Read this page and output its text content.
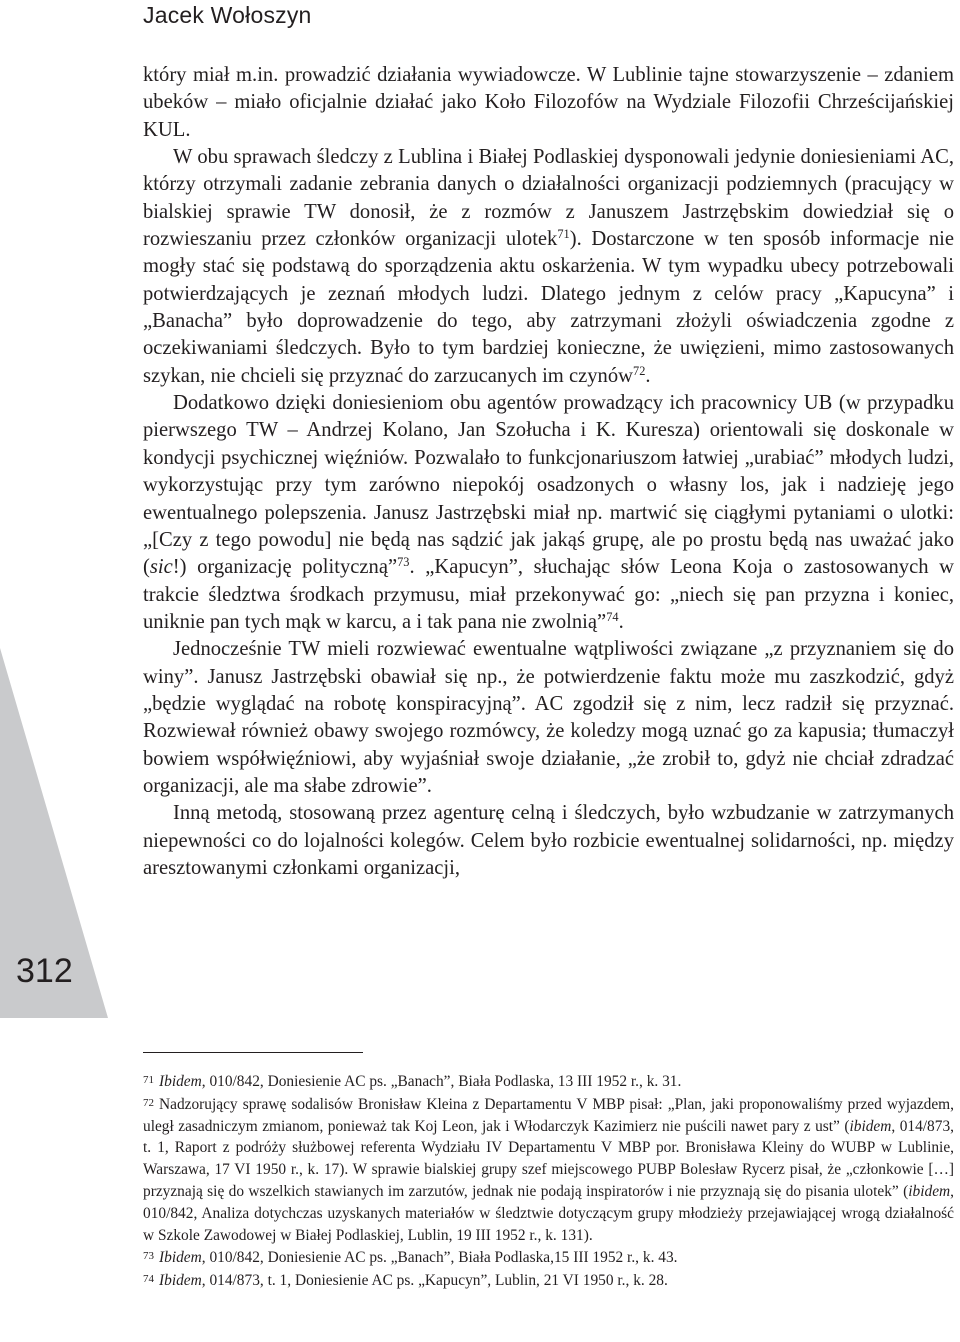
Jacek Wołoszyn
312

który miał m.in. prowadzić działania wywiadowcze. W Lublinie tajne stowarzyszenie – zdaniem ubeków – miało oficjalnie działać jako Koło Filozofów na Wydziale Filozofii Chrześcijańskiej KUL.

W obu sprawach śledczy z Lublina i Białej Podlaskiej dysponowali jedynie doniesieniami AC, którzy otrzymali zadanie zebrania danych o działalności organizacji podziemnych (pracujący w bialskiej sprawie TW donosił, że z rozmów z Januszem Jastrzębskim dowiedział się o rozwieszaniu przez członków organizacji ulotek$^{71}$). Dostarczone w ten sposób informacje nie mogły stać się podstawą do sporządzenia aktu oskarżenia. W tym wypadku ubecy potrzebowali potwierdzających je zeznań młodych ludzi. Dlatego jednym z celów pracy „Kapucyna” i „Banacha” było doprowadzenie do tego, aby zatrzymani złożyli oświadczenia zgodne z oczekiwaniami śledczych. Było to tym bardziej konieczne, że uwięzieni, mimo zastosowanych szykan, nie chcieli się przyznać do zarzucanych im czynów$^{72}$.

Dodatkowo dzięki doniesieniom obu agentów prowadzący ich pracownicy UB (w przypadku pierwszego TW – Andrzej Kolano, Jan Szołucha i K. Kuresza) orientowali się doskonale w kondycji psychicznej więźniów. Pozwalało to funkcjonariuszom łatwiej „urabiać” młodych ludzi, wykorzystując przy tym zarówno niepokój osadzonych o własny los, jak i nadzieję jego ewentualnego polepszenia. Janusz Jastrzębski miał np. martwić się ciągłymi pytaniami o ulotki: „[Czy z tego powodu] nie będą nas sądzić jak jakąś grupę, ale po prostu będą nas uważać jako (sic!) organizację polityczną”$^{73}$. „Kapucyn”, słuchając słów Leona Koja o zastosowanych w trakcie śledztwa środkach przymusu, miał przekonywać go: „niech się pan przyzna i koniec, uniknie pan tych mąk w karcu, a i tak pana nie zwolnią”$^{74}$.

Jednocześnie TW mieli rozwiewać ewentualne wątpliwości związane „z przyznaniem się do winy”. Janusz Jastrzębski obawiał się np., że potwierdzenie faktu może mu zaszkodzić, gdyż „będzie wyglądać na robotę konspiracyjną”. AC zgodził się z nim, lecz radził się przyznać. Rozwiewał również obawy swojego rozmówcy, że koledzy mogą uznać go za kapusia; tłumaczył bowiem współwięźniowi, aby wyjaśniał swoje działanie, „że zrobił to, gdyż nie chciał zdradzać organizacji, ale ma słabe zdrowie”.

Inną metodą, stosowaną przez agenturę celną i śledczych, było wzbudzanie w zatrzymanych niepewności co do lojalności kolegów. Celem było rozbicie ewentualnej solidarności, np. między aresztowanymi członkami organizacji,

71 Ibidem, 010/842, Doniesienie AC ps. „Banach”, Biała Podlaska, 13 III 1952 r., k. 31.

72 Nadzorujący sprawę sodalisów Bronisław Kleina z Departamentu V MBP pisał: „Plan, jaki proponowaliśmy przed wyjazdem, uległ zasadniczym zmianom, ponieważ tak Koj Leon, jak i Włodarczyk Kazimierz nie puścili nawet pary z ust” (ibidem, 014/873, t. 1, Raport z podróży służbowej referenta Wydziału IV Departamentu V MBP por. Bronisława Kleiny do WUBP w Lublinie, Warszawa, 17 VI 1950 r., k. 17). W sprawie bialskiej grupy szef miejscowego PUBP Bolesław Rycerz pisał, że „członkowie […] przyznają się do wszelkich stawianych im zarzutów, jednak nie podają inspiratorów i nie przyznają się do pisania ulotek” (ibidem, 010/842, Analiza dotychczas uzyskanych materiałów w śledztwie dotyczącym grupy młodzieży przejawiającej wrogą działalność w Szkole Zawodowej w Białej Podlaskiej, Lublin, 19 III 1952 r., k. 131).

73 Ibidem, 010/842, Doniesienie AC ps. „Banach”, Biała Podlaska,15 III 1952 r., k. 43.

74 Ibidem, 014/873, t. 1, Doniesienie AC ps. „Kapucyn”, Lublin, 21 VI 1950 r., k. 28.
